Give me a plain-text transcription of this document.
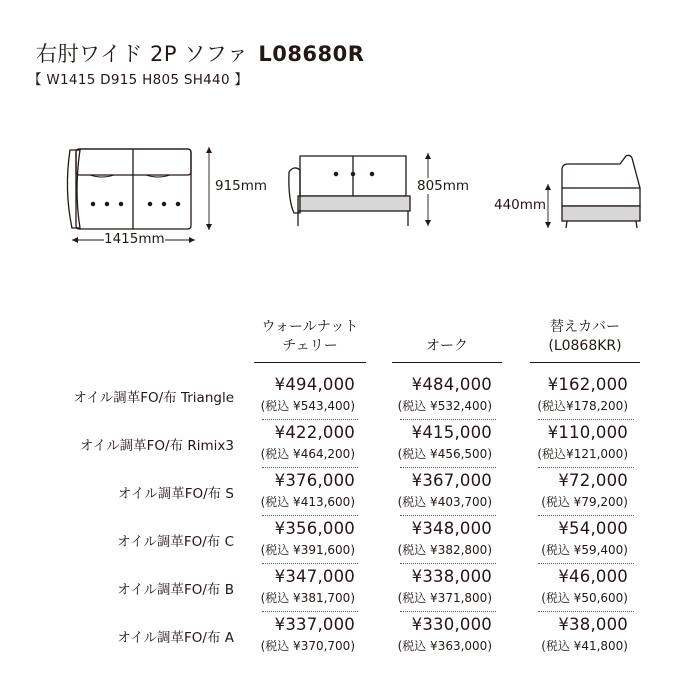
右肘ワイド 2P ソファ L08680R
【 W1415 D915 H805 SH440 】
1415mm
915mm	805mm
440mm
ウォールナット
チェリー	オーク
替えカバー
(L0868KR)
オイル調革FO/布 Triangle
¥494,000
(税込 ¥543,400)
¥484,000
(税込 ¥532,400)
¥162,000
(税込¥178,200)
オイル調革FO/布 Rimix3
¥422,000
(税込 ¥464,200)
¥415,000
(税込 ¥456,500)
¥110,000
(税込¥121,000)
オイル調革FO/布 S
¥376,000
(税込 ¥413,600)
¥367,000
(税込 ¥403,700)
¥72,000
(税込 ¥79,200)
オイル調革FO/布 C
¥356,000
(税込 ¥391,600)
¥348,000
(税込 ¥382,800)
¥54,000
(税込 ¥59,400)
オイル調革FO/布 B
¥347,000
(税込 ¥381,700)
¥338,000
(税込 ¥371,800)
¥46,000
(税込 ¥50,600)
オイル調革FO/布 A
¥337,000
(税込 ¥370,700)
¥330,000
(税込 ¥363,000)
¥38,000
(税込 ¥41,800)
